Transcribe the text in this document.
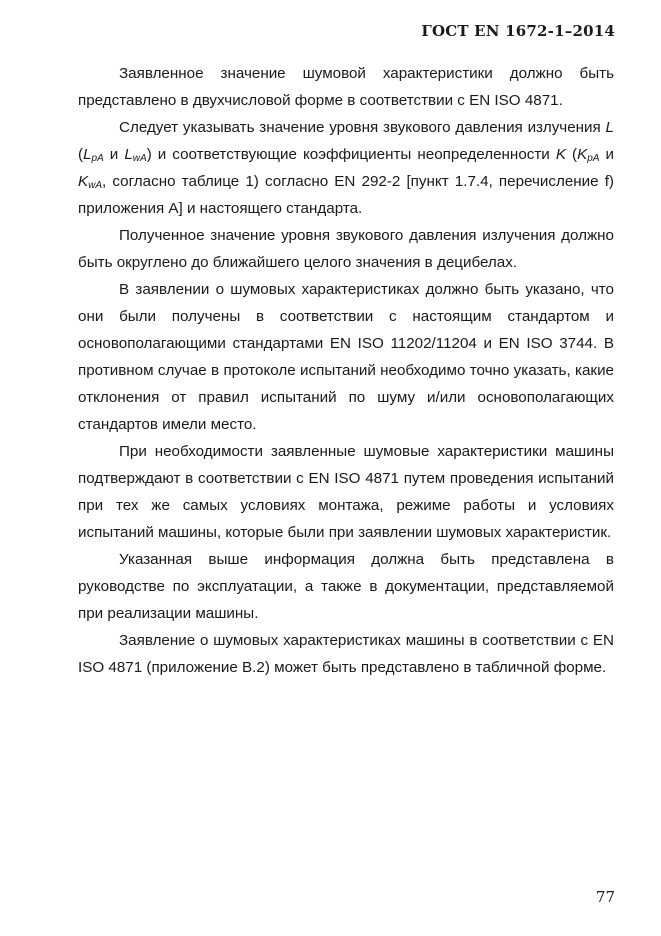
ГОСТ EN 1672-1–2014

Заявленное значение шумовой характеристики должно быть представлено в двухчисловой форме в соответствии с EN ISO 4871.

Следует указывать значение уровня звукового давления излучения L ($L_{pA}$ и $L_{wA}$) и соответствующие коэффициенты неопределенности K ($K_{pA}$ и $K_{wA}$, согласно таблице 1) согласно EN 292-2 [пункт 1.7.4, перечисление f) приложения A] и настоящего стандарта.

Полученное значение уровня звукового давления излучения должно быть округлено до ближайшего целого значения в децибелах.

В заявлении о шумовых характеристиках должно быть указано, что они были получены в соответствии с настоящим стандартом и основополагающими стандартами EN ISO 11202/11204 и EN ISO 3744. В противном случае в протоколе испытаний необходимо точно указать, какие отклонения от правил испытаний по шуму и/или основополагающих стандартов имели место.

При необходимости заявленные шумовые характеристики машины подтверждают в соответствии с EN ISO 4871 путем проведения испытаний при тех же самых условиях монтажа, режиме работы и условиях испытаний машины, которые были при заявлении шумовых характеристик.

Указанная выше информация должна быть представлена в руководстве по эксплуатации, а также в документации, представляемой при реализации машины.

Заявление о шумовых характеристиках машины в соответствии с EN ISO 4871 (приложение B.2) может быть представлено в табличной форме.

77
